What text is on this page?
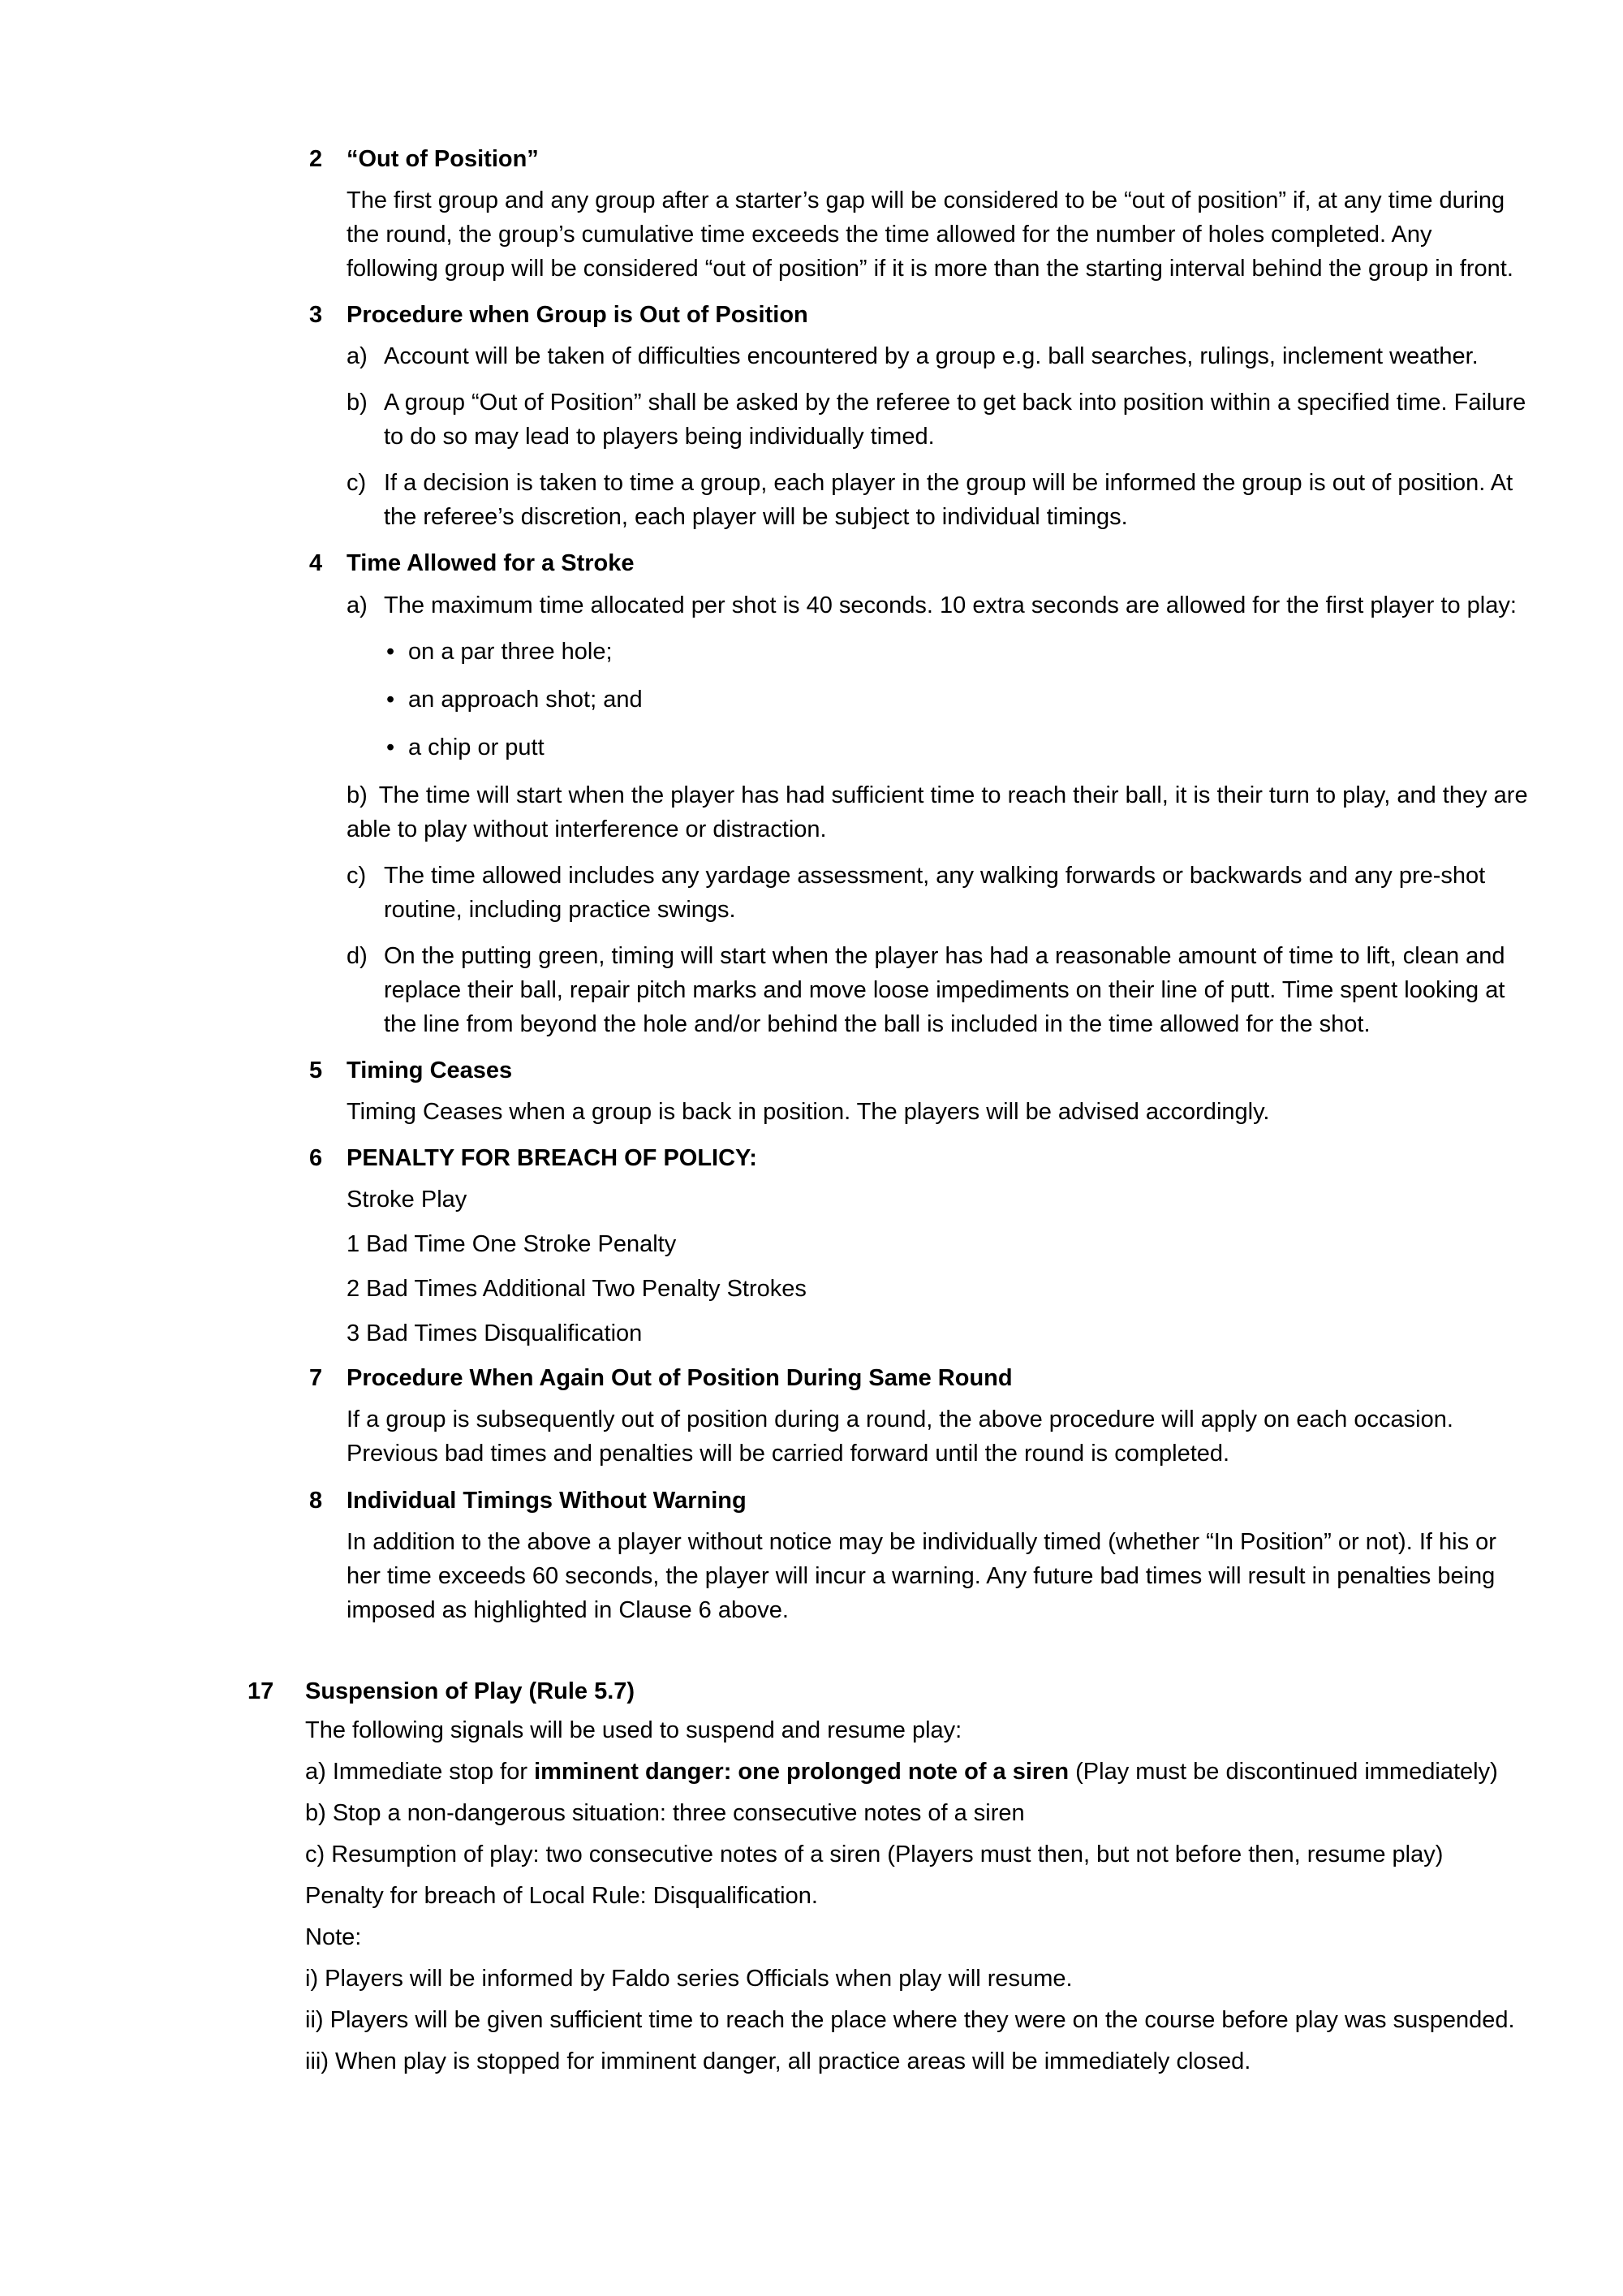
2 “Out of Position”

The first group and any group after a starter’s gap will be considered to be “out of position” if, at any time during the round, the group’s cumulative time exceeds the time allowed for the number of holes completed. Any following group will be considered “out of position” if it is more than the starting interval behind the group in front.

3 Procedure when Group is Out of Position
a) Account will be taken of difficulties encountered by a group e.g. ball searches, rulings, inclement weather.
b) A group “Out of Position” shall be asked by the referee to get back into position within a specified time. Failure to do so may lead to players being individually timed.
c) If a decision is taken to time a group, each player in the group will be informed the group is out of position. At the referee’s discretion, each player will be subject to individual timings.
4 Time Allowed for a Stroke
a) The maximum time allocated per shot is 40 seconds. 10 extra seconds are allowed for the first player to play:
• on a par three hole;
• an approach shot; and
• a chip or putt
b) The time will start when the player has had sufficient time to reach their ball, it is their turn to play, and they are able to play without interference or distraction.
c) The time allowed includes any yardage assessment, any walking forwards or backwards and any pre-shot routine, including practice swings.
d) On the putting green, timing will start when the player has had a reasonable amount of time to lift, clean and replace their ball, repair pitch marks and move loose impediments on their line of putt. Time spent looking at the line from beyond the hole and/or behind the ball is included in the time allowed for the shot.
5 Timing Ceases

Timing Ceases when a group is back in position. The players will be advised accordingly.

6 PENALTY FOR BREACH OF POLICY:

Stroke Play

1 Bad Time One Stroke Penalty

2 Bad Times Additional Two Penalty Strokes

3 Bad Times Disqualification

7 Procedure When Again Out of Position During Same Round

If a group is subsequently out of position during a round, the above procedure will apply on each occasion. Previous bad times and penalties will be carried forward until the round is completed.

8 Individual Timings Without Warning

In addition to the above a player without notice may be individually timed (whether “In Position” or not). If his or her time exceeds 60 seconds, the player will incur a warning. Any future bad times will result in penalties being imposed as highlighted in Clause 6 above.

17 Suspension of Play (Rule 5.7)

The following signals will be used to suspend and resume play:

a) Immediate stop for imminent danger: one prolonged note of a siren (Play must be discontinued immediately)

b) Stop a non-dangerous situation: three consecutive notes of a siren

c) Resumption of play: two consecutive notes of a siren (Players must then, but not before then, resume play)

Penalty for breach of Local Rule: Disqualification.

Note:

i) Players will be informed by Faldo series Officials when play will resume.

ii) Players will be given sufficient time to reach the place where they were on the course before play was suspended.

iii) When play is stopped for imminent danger, all practice areas will be immediately closed.
